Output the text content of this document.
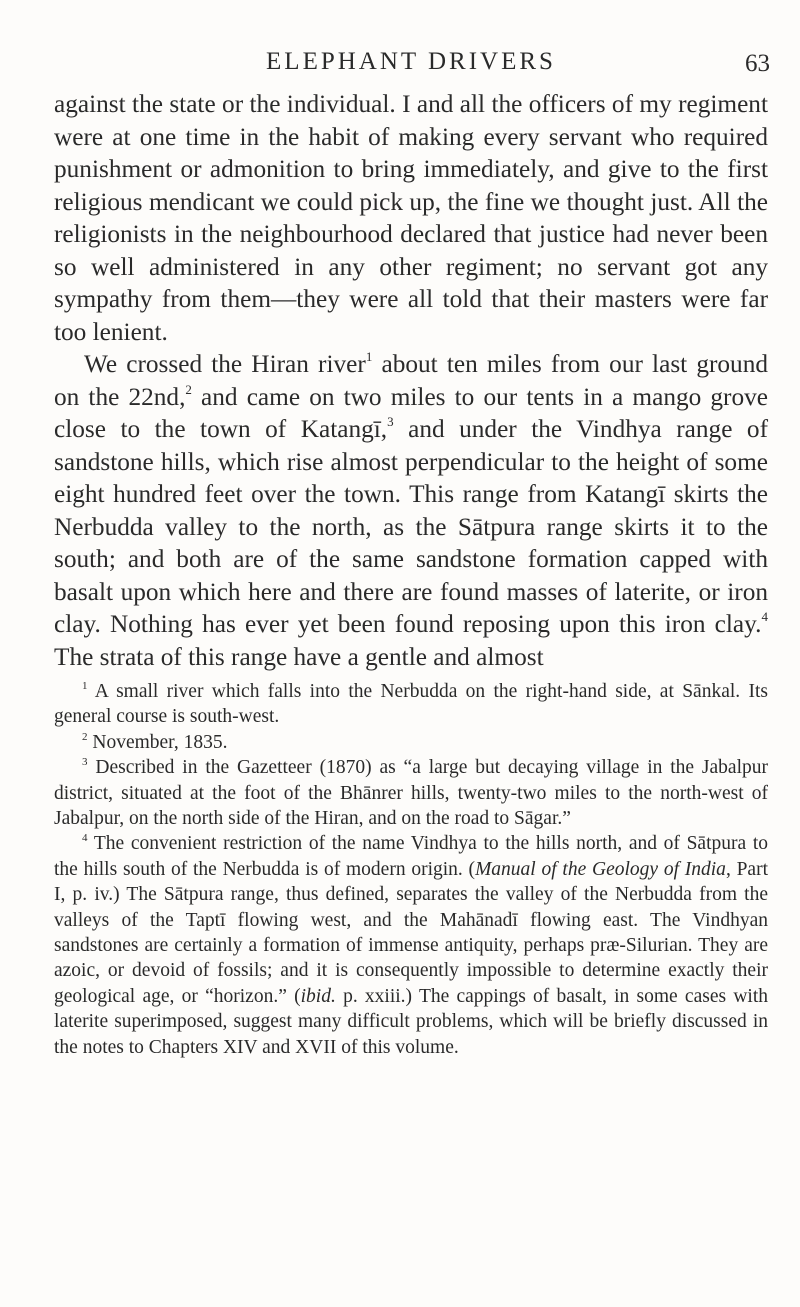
ELEPHANT DRIVERS	63

against the state or the individual. I and all the officers of my regiment were at one time in the habit of making every servant who required punishment or admonition to bring immediately, and give to the first religious mendicant we could pick up, the fine we thought just. All the religionists in the neighbourhood declared that justice had never been so well administered in any other regiment; no servant got any sympathy from them—they were all told that their masters were far too lenient.

We crossed the Hiran river$^1$ about ten miles from our last ground on the 22nd,$^2$ and came on two miles to our tents in a mango grove close to the town of Katangī,$^3$ and under the Vindhya range of sandstone hills, which rise almost perpendicular to the height of some eight hundred feet over the town. This range from Katangī skirts the Nerbudda valley to the north, as the Sātpura range skirts it to the south; and both are of the same sandstone formation capped with basalt upon which here and there are found masses of laterite, or iron clay. Nothing has ever yet been found reposing upon this iron clay.$^4$ The strata of this range have a gentle and almost

$^1$ A small river which falls into the Nerbudda on the right-hand side, at Sānkal. Its general course is south-west.

$^2$ November, 1835.

$^3$ Described in the Gazetteer (1870) as “a large but decaying village in the Jabalpur district, situated at the foot of the Bhānrer hills, twenty-two miles to the north-west of Jabalpur, on the north side of the Hiran, and on the road to Sāgar.”

$^4$ The convenient restriction of the name Vindhya to the hills north, and of Sātpura to the hills south of the Nerbudda is of modern origin. (Manual of the Geology of India, Part I, p. iv.) The Sātpura range, thus defined, separates the valley of the Nerbudda from the valleys of the Taptī flowing west, and the Mahānadī flowing east. The Vindhyan sandstones are certainly a formation of immense antiquity, perhaps præ-Silurian. They are azoic, or devoid of fossils; and it is consequently impossible to determine exactly their geological age, or “horizon.” (ibid. p. xxiii.) The cappings of basalt, in some cases with laterite superimposed, suggest many difficult problems, which will be briefly discussed in the notes to Chapters XIV and XVII of this volume.
